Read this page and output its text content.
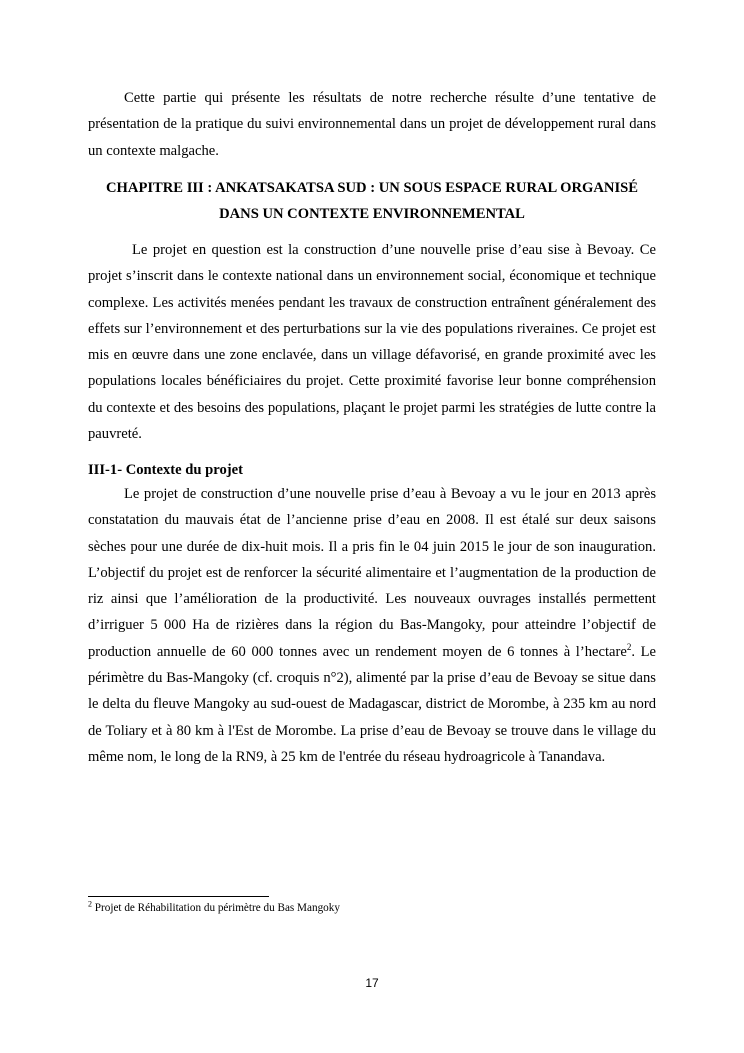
Cette partie qui présente les résultats de notre recherche résulte d’une tentative de présentation de la pratique du suivi environnemental dans un projet de développement rural dans un contexte malgache.

CHAPITRE III : ANKATSAKATSA SUD : UN SOUS ESPACE RURAL ORGANISÉ
DANS UN CONTEXTE ENVIRONNEMENTAL

Le projet en question est la construction d’une nouvelle prise d’eau sise à Bevoay. Ce projet s’inscrit dans le contexte national dans un environnement social, économique et technique complexe. Les activités menées pendant les travaux de construction entraînent généralement des effets sur l’environnement et des perturbations sur la vie des populations riveraines. Ce projet est mis en œuvre dans une zone enclavée, dans un village défavorisé, en grande proximité avec les populations locales bénéficiaires du projet. Cette proximité favorise leur bonne compréhension du contexte et des besoins des populations, plaçant le projet parmi les stratégies de lutte contre la pauvreté.

III-1- Contexte du projet

Le projet de construction d’une nouvelle prise d’eau à Bevoay a vu le jour en 2013 après constatation du mauvais état de l’ancienne prise d’eau en 2008. Il est étalé sur deux saisons sèches pour une durée de dix-huit mois. Il a pris fin le 04 juin 2015 le jour de son inauguration. L’objectif du projet est de renforcer la sécurité alimentaire et l’augmentation de la production de riz ainsi que l’amélioration de la productivité. Les nouveaux ouvrages installés permettent d’irriguer 5 000 Ha de rizières dans la région du Bas-Mangoky, pour atteindre l’objectif de production annuelle de 60 000 tonnes avec un rendement moyen de 6 tonnes à l’hectare$^2$. Le périmètre du Bas-Mangoky (cf. croquis n°2), alimenté par la prise d’eau de Bevoay se situe dans le delta du fleuve Mangoky au sud-ouest de Madagascar, district de Morombe, à 235 km au nord de Toliary et à 80 km à l'Est de Morombe. La prise d’eau de Bevoay se trouve dans le village du même nom, le long de la RN9, à 25 km de l'entrée du réseau hydroagricole à Tanandava.

$^2$ Projet de Réhabilitation du périmètre du Bas Mangoky

17
